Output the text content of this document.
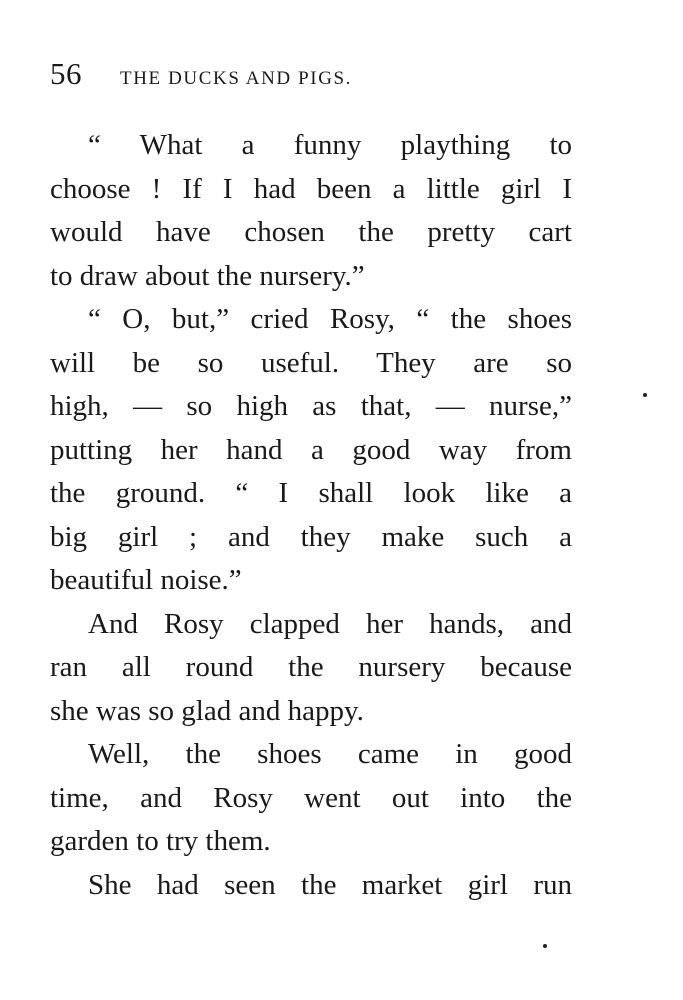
56 THE DUCKS AND PIGS.
“ What a funny plaything to
choose ! If I had been a little girl I
would have chosen the pretty cart
to draw about the nursery.”
“ O, but,” cried Rosy, “ the shoes
will be so useful. They are so
high, — so high as that, — nurse,”
putting her hand a good way from
the ground. “ I shall look like a
big girl ; and they make such a
beautiful noise.”
And Rosy clapped her hands, and
ran all round the nursery because
she was so glad and happy.
Well, the shoes came in good
time, and Rosy went out into the
garden to try them.
She had seen the market girl run
